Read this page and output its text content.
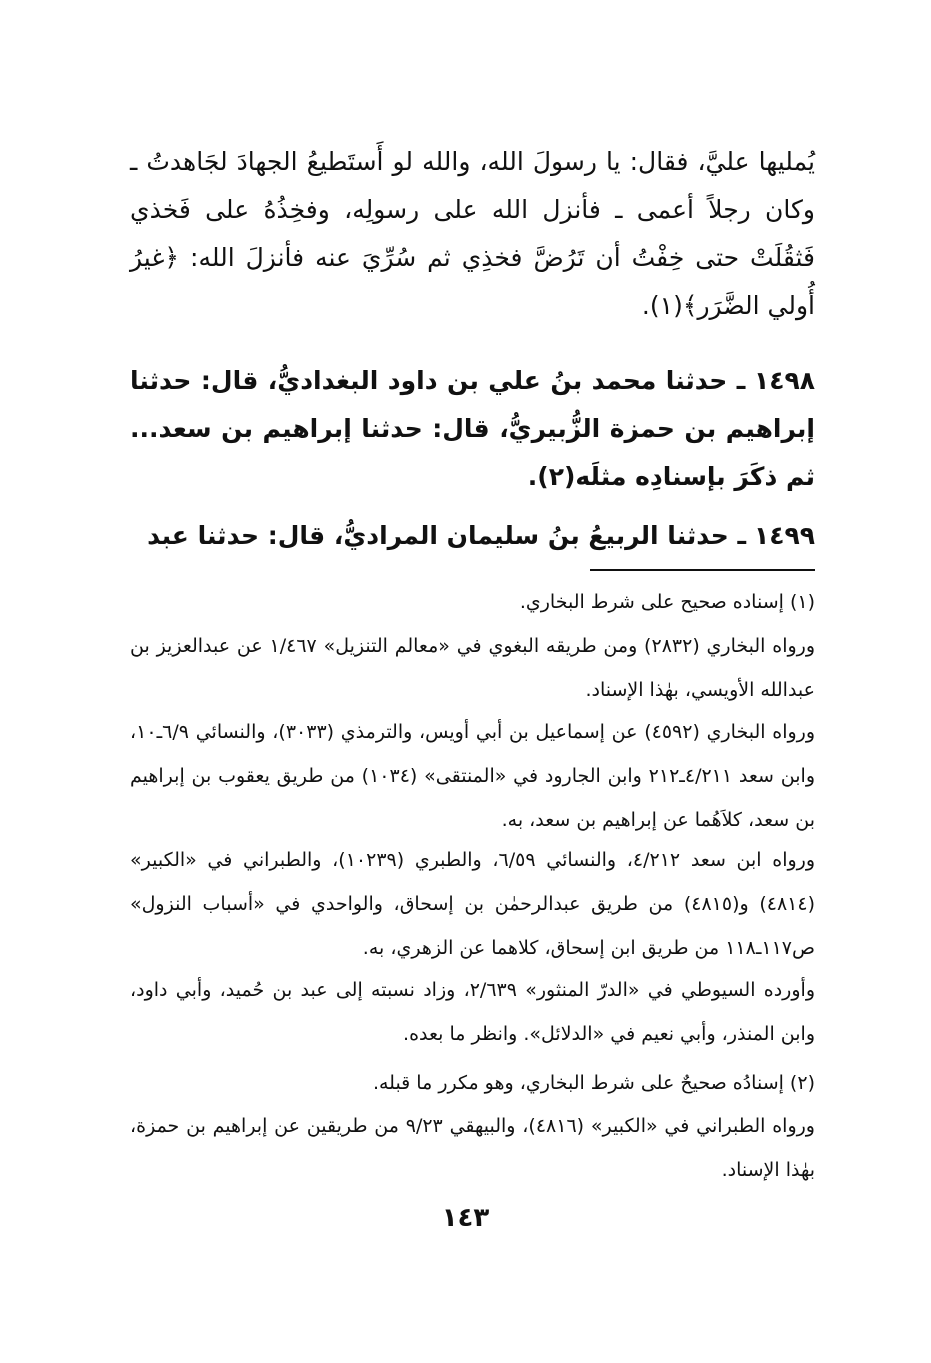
يُمليها عليَّ، فقال: يا رسولَ الله، والله لو أَستَطيعُ الجهادَ لجَاهدتُ ـ وكان رجلاً أعمى ـ فأنزل الله على رسولِه، وفخِذُهُ على فَخذي فَثقُلَتْ حتى خِفْتُ أن تَرُضَّ فخذِي ثم سُرِّيَ عنه فأنزلَ الله: ﴿غيرُ أُولي الضَّرَر﴾(١).

١٤٩٨ ـ حدثنا محمد بنُ علي بن داود البغداديُّ، قال: حدثنا إبراهيم بن حمزة الزُّبيريُّ، قال: حدثنا إبراهيم بن سعد... ثم ذكَرَ بإسنادِه مثلَه(٢).

١٤٩٩ ـ حدثنا الربيعُ بنُ سليمان المراديُّ، قال: حدثنا عبد

(١) إسناده صحيح على شرط البخاري.

ورواه البخاري (٢٨٣٢) ومن طريقه البغوي في «معالم التنزيل» ١/٤٦٧ عن عبدالعزيز بن عبدالله الأويسي، بهٰذا الإسناد.

ورواه البخاري (٤٥٩٢) عن إسماعيل بن أبي أويس، والترمذي (٣٠٣٣)، والنسائي ٦/٩ـ١٠، وابن سعد ٤/٢١١ـ٢١٢ وابن الجارود في «المنتقى» (١٠٣٤) من طريق يعقوب بن إبراهيم بن سعد، كلاَهُما عن إبراهيم بن سعد، به.

ورواه ابن سعد ٤/٢١٢، والنسائي ٦/٥٩، والطبري (١٠٢٣٩)، والطبراني في «الكبير» (٤٨١٤) و(٤٨١٥) من طريق عبدالرحمٰن بن إسحاق، والواحدي في «أسباب النزول» ص١١٧ـ١١٨ من طريق ابن إسحاق، كلاهما عن الزهري، به.

وأورده السيوطي في «الدرّ المنثور» ٢/٦٣٩، وزاد نسبته إلى عبد بن حُميد، وأبي داود، وابن المنذر، وأبي نعيم في «الدلائل». وانظر ما بعده.

(٢) إسنادُه صحيحٌ على شرط البخاري، وهو مكرر ما قبله.

ورواه الطبراني في «الكبير» (٤٨١٦)، والبيهقي ٩/٢٣ من طريقين عن إبراهيم بن حمزة، بهٰذا الإسناد.

١٤٣
